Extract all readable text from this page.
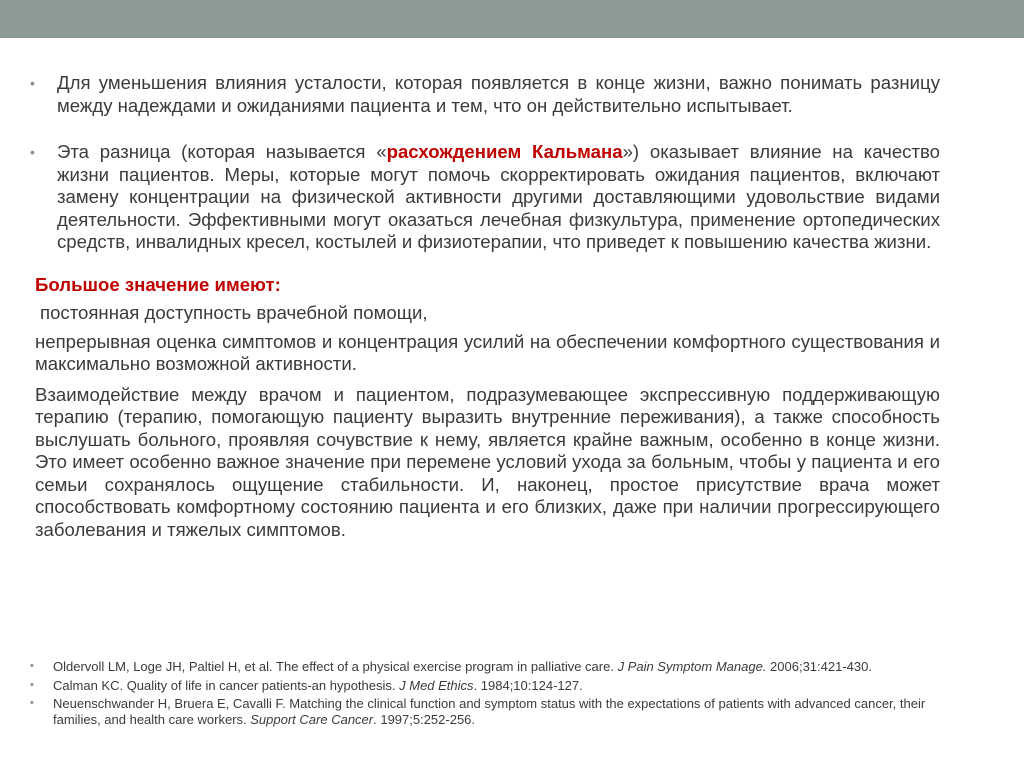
• Для уменьшения влияния усталости, которая появляется в конце жизни, важно понимать разницу между надеждами и ожиданиями пациента и тем, что он действительно испытывает.
• Эта разница (которая называется «расхождением Кальмана») оказывает влияние на качество жизни пациентов. Меры, которые могут помочь скорректировать ожидания пациентов, включают замену концентрации на физической активности другими доставляющими удовольствие видами деятельности. Эффективными могут оказаться лечебная физкультура, применение ортопедических средств, инвалидных кресел, костылей и физиотерапии, что приведет к повышению качества жизни.
Большое значение имеют:
постоянная доступность врачебной помощи,
непрерывная оценка симптомов и концентрация усилий на обеспечении комфортного существования и максимально возможной активности.
Взаимодействие между врачом и пациентом, подразумевающее экспрессивную поддерживающую терапию (терапию, помогающую пациенту выразить внутренние переживания), а также способность выслушать больного, проявляя сочувствие к нему, является крайне важным, особенно в конце жизни. Это имеет особенно важное значение при перемене условий ухода за больным, чтобы у пациента и его семьи сохранялось ощущение стабильности. И, наконец, простое присутствие врача может способствовать комфортному состоянию пациента и его близких, даже при наличии прогрессирующего заболевания и тяжелых симптомов.
• Oldervoll LM, Loge JH, Paltiel H, et al. The effect of a physical exercise program in palliative care. J Pain Symptom Manage. 2006;31:421-430.
• Calman KC. Quality of life in cancer patients-an hypothesis. J Med Ethics. 1984;10:124-127.
• Neuenschwander H, Bruera E, Cavalli F. Matching the clinical function and symptom status with the expectations of patients with advanced cancer, their families, and health care workers. Support Care Cancer. 1997;5:252-256.
